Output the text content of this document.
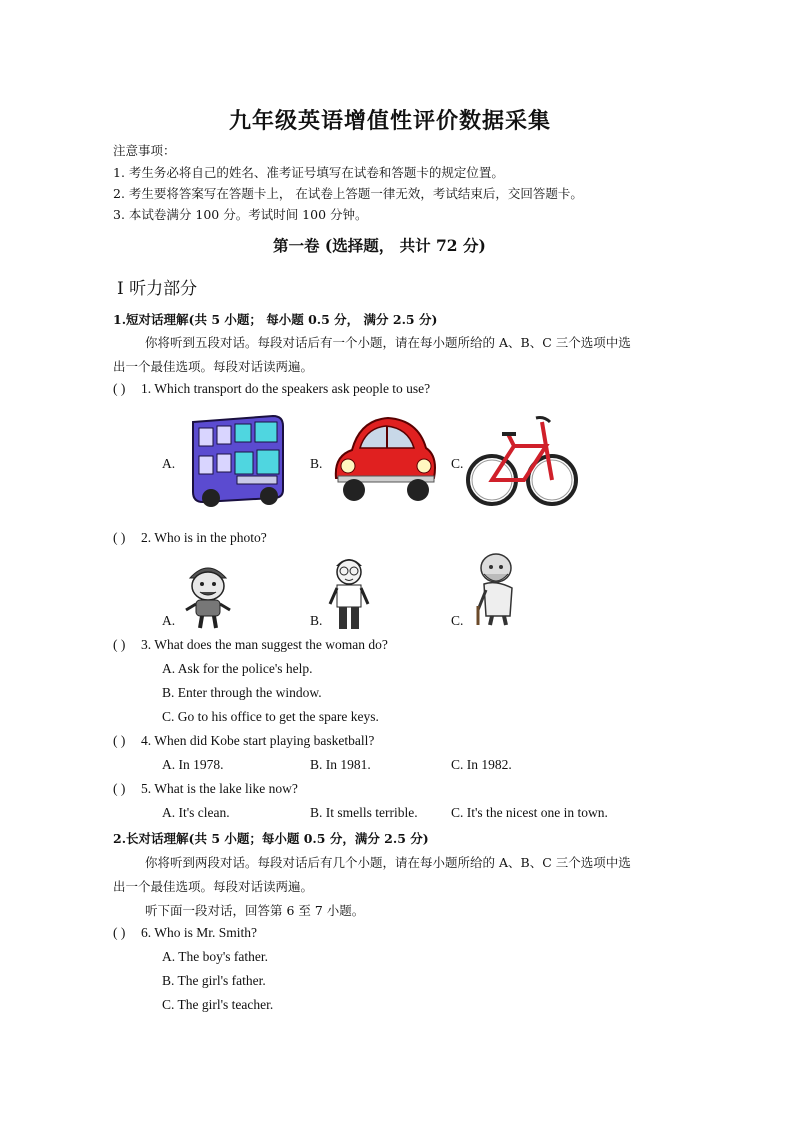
九年级英语增值性评价数据采集
注意事项：
1. 考生务必将自己的姓名、准考证号填写在试卷和答题卡的规定位置。
2. 考生要将答案写在答题卡上， 在试卷上答题一律无效，考试结束后，交回答题卡。
3. 本试卷满分 100 分。考试时间 100 分钟。
第一卷 (选择题， 共计 72 分)
Ⅰ 听力部分
1.短对话理解(共 5 小题； 每小题 0.5 分， 满分 2.5 分)
你将听到五段对话。每段对话后有一个小题，请在每小题所给的 A、B、C 三个选项中选
出一个最佳选项。每段对话读两遍。
( ) 1. Which transport do the speakers ask people to use?
A.	B.	C.
( ) 2. Who is in the photo?
A.	B.	C.
( ) 3. What does the man suggest the woman do?
A. Ask for the police's help.
B. Enter through the window.
C. Go to his office to get the spare keys.
( ) 4. When did Kobe start playing basketball?
A. In 1978.	B. In 1981.	C. In 1982.
( ) 5. What is the lake like now?
A. It's clean.	B. It smells terrible. C. It's the nicest one in town.
2.长对话理解(共 5 小题；每小题 0.5 分，满分 2.5 分)
你将听到两段对话。每段对话后有几个小题，请在每小题所给的 A、B、C 三个选项中选
出一个最佳选项。每段对话读两遍。
听下面一段对话，回答第 6 至 7 小题。
( ) 6. Who is Mr. Smith?
A. The boy's father.
B. The girl's father.
C. The girl's teacher.
